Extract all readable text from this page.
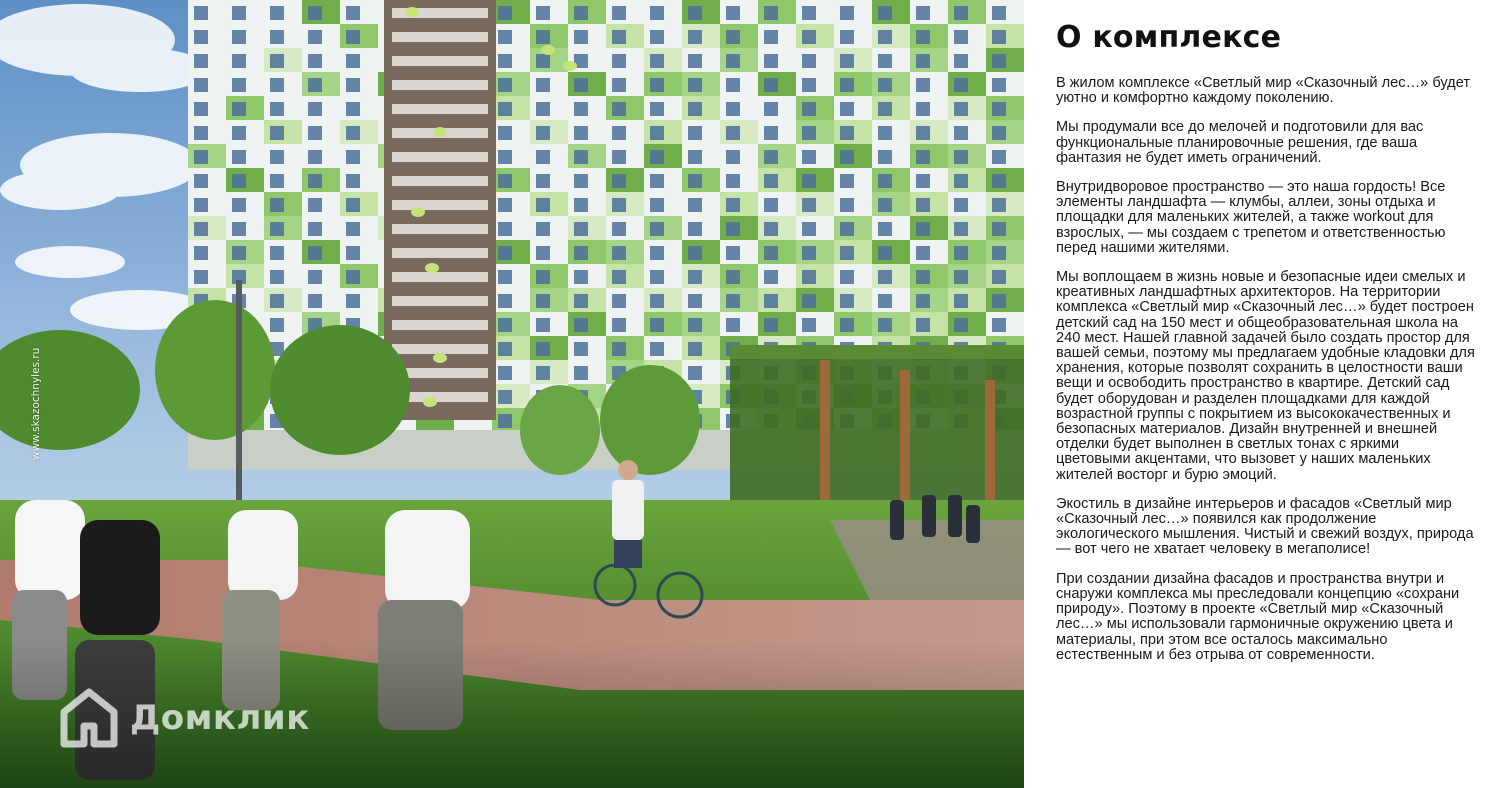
04
www.skazochnyles.ru
Домклик
О комплексе

В жилом комплексе «Светлый мир «Сказочный лес…» будет уютно и комфортно каждому поколению.

Мы продумали все до мелочей и подготовили для вас функциональные планировочные решения, где ваша фантазия не будет иметь ограничений.

Внутридворовое пространство — это наша гордость! Все элементы ландшафта — клумбы, аллеи, зоны отдыха и площадки для маленьких жителей, а также workout для взрослых, — мы создаем с трепетом и ответственностью перед нашими жителями.

Мы воплощаем в жизнь новые и безопасные идеи смелых и креативных ландшафтных архитекторов. На территории комплекса «Светлый мир «Сказочный лес…» будет построен детский сад на 150 мест и общеобразовательная школа на 240 мест. Нашей главной задачей было создать простор для вашей семьи, поэтому мы предлагаем удобные кладовки для хранения, которые позволят сохранить в целостности ваши вещи и освободить пространство в квартире. Детский сад будет оборудован и разделен площадками для каждой возрастной группы с покрытием из высококачественных и безопасных материалов. Дизайн внутренней и внешней отделки будет выполнен в светлых тонах с яркими цветовыми акцентами, что вызовет у наших маленьких жителей восторг и бурю эмоций.

Экостиль в дизайне интерьеров и фасадов «Светлый мир «Сказочный лес…» появился как продолжение экологического мышления. Чистый и свежий воздух, природа — вот чего не хватает человеку в мегаполисе!

При создании дизайна фасадов и пространства внутри и снаружи комплекса мы преследовали концепцию «сохрани природу». Поэтому в проекте «Светлый мир «Сказочный лес…» мы использовали гармоничные окружению цвета и материалы, при этом все осталось максимально естественным и без отрыва от современности.
